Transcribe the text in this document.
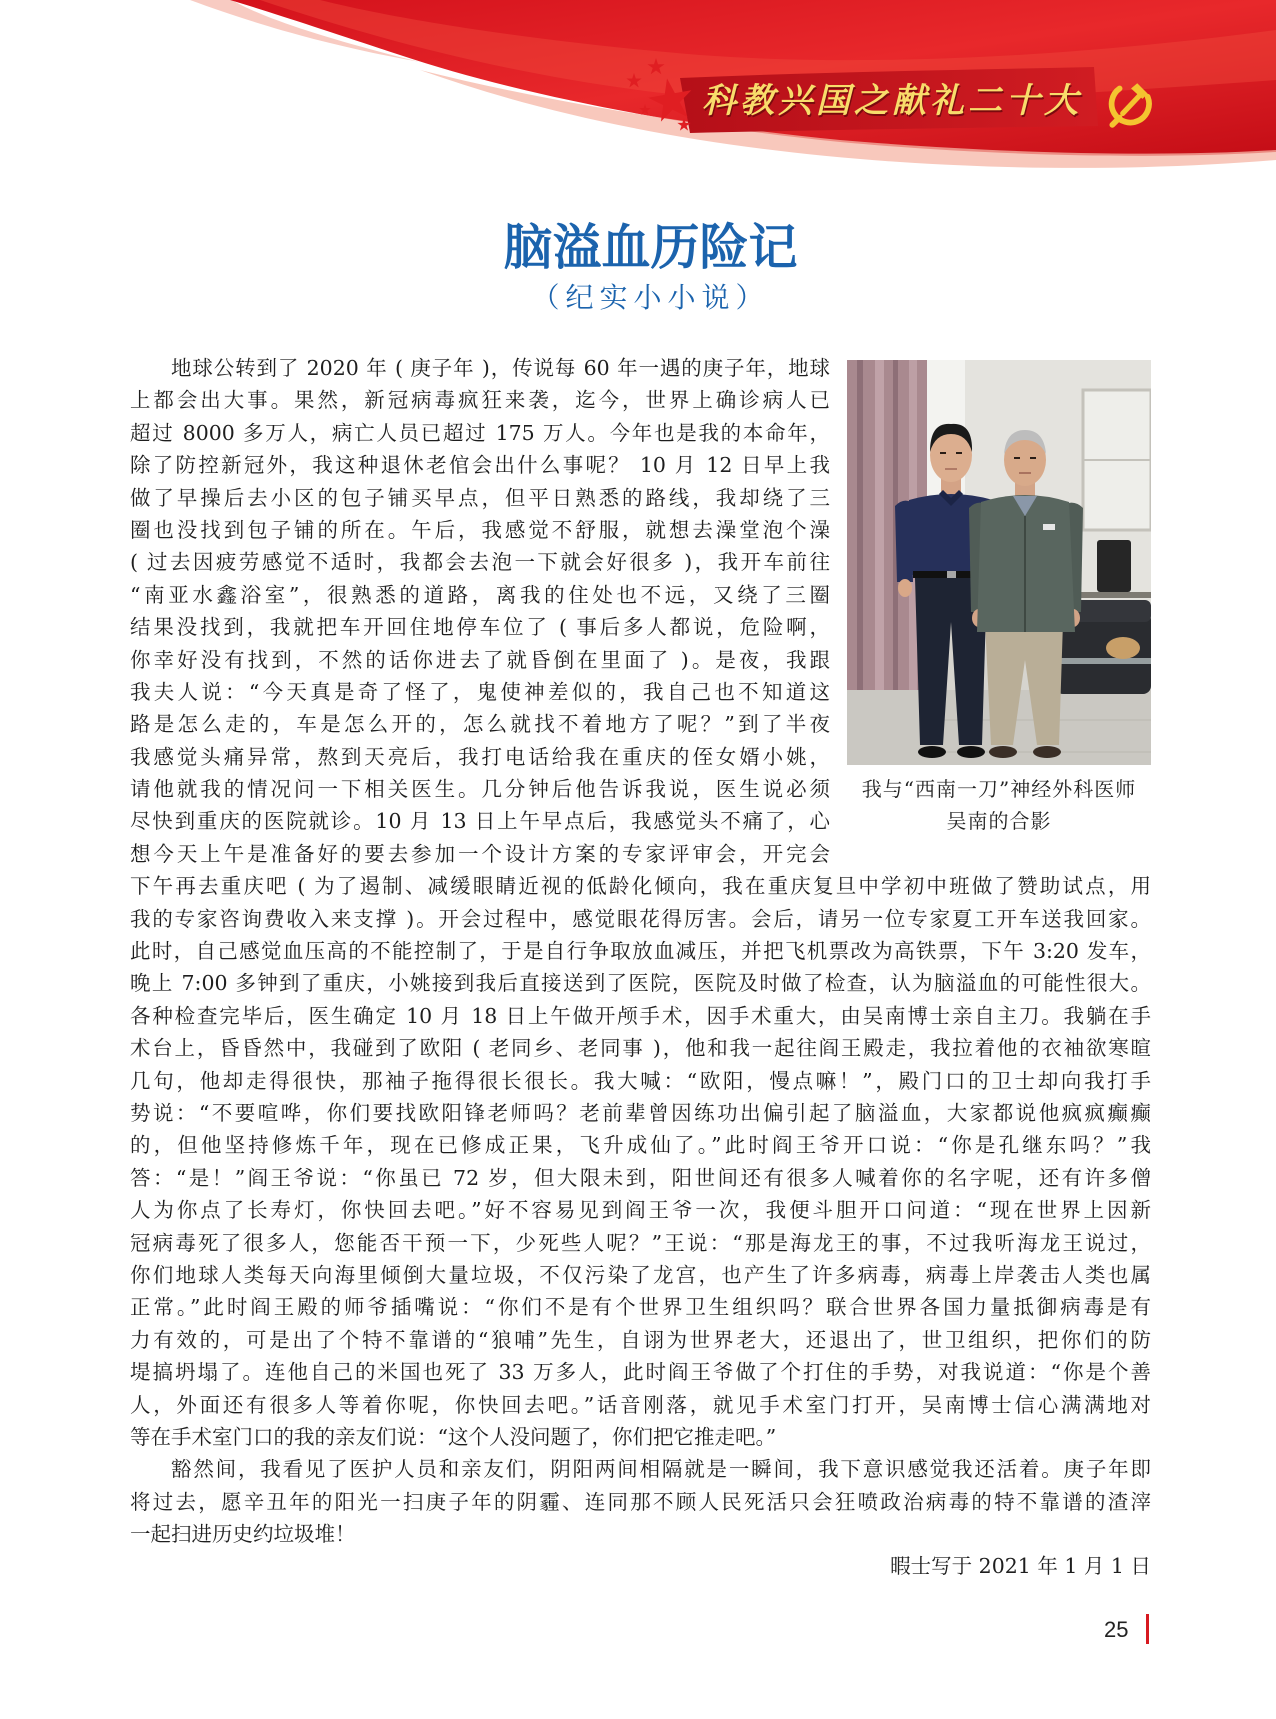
科教兴国之献礼二十大
脑溢血历险记
（纪实小小说）
地球公转到了 2020 年 ( 庚子年 )，传说每 60 年一遇的庚子年，地球
上都会出大事。果然，新冠病毒疯狂来袭，迄今，世界上确诊病人已
超过 8000 多万人，病亡人员已超过 175 万人。今年也是我的本命年，
除了防控新冠外，我这种退休老倌会出什么事呢？ 10 月 12 日早上我
做了早操后去小区的包子铺买早点，但平日熟悉的路线，我却绕了三
圈也没找到包子铺的所在。午后，我感觉不舒服，就想去澡堂泡个澡
( 过去因疲劳感觉不适时，我都会去泡一下就会好很多 )，我开车前往
“南亚水鑫浴室”，很熟悉的道路，离我的住处也不远，又绕了三圈
结果没找到，我就把车开回住地停车位了 ( 事后多人都说，危险啊，
你幸好没有找到，不然的话你进去了就昏倒在里面了 )。是夜，我跟
我夫人说：“今天真是奇了怪了，鬼使神差似的，我自己也不知道这
路是怎么走的，车是怎么开的，怎么就找不着地方了呢？”到了半夜
我感觉头痛异常，熬到天亮后，我打电话给我在重庆的侄女婿小姚，
请他就我的情况问一下相关医生。几分钟后他告诉我说，医生说必须
尽快到重庆的医院就诊。10 月 13 日上午早点后，我感觉头不痛了，心
想今天上午是准备好的要去参加一个设计方案的专家评审会，开完会
下午再去重庆吧 ( 为了遏制、减缓眼睛近视的低龄化倾向，我在重庆复旦中学初中班做了赞助试点，用
我的专家咨询费收入来支撑 )。开会过程中，感觉眼花得厉害。会后，请另一位专家夏工开车送我回家。
此时，自己感觉血压高的不能控制了，于是自行争取放血减压，并把飞机票改为高铁票，下午 3:20 发车，
晚上 7:00 多钟到了重庆，小姚接到我后直接送到了医院，医院及时做了检查，认为脑溢血的可能性很大。
各种检查完毕后，医生确定 10 月 18 日上午做开颅手术，因手术重大，由吴南博士亲自主刀。我躺在手
术台上，昏昏然中，我碰到了欧阳 ( 老同乡、老同事 )，他和我一起往阎王殿走，我拉着他的衣袖欲寒暄
几句，他却走得很快，那袖子拖得很长很长。我大喊：“欧阳，慢点嘛！”，殿门口的卫士却向我打手
势说：“不要喧哗，你们要找欧阳锋老师吗？老前辈曾因练功出偏引起了脑溢血，大家都说他疯疯癫癫
的，但他坚持修炼千年，现在已修成正果，飞升成仙了。”此时阎王爷开口说：“你是孔继东吗？”我
答：“是！”阎王爷说：“你虽已 72 岁，但大限未到，阳世间还有很多人喊着你的名字呢，还有许多僧
人为你点了长寿灯，你快回去吧。”好不容易见到阎王爷一次，我便斗胆开口问道：“现在世界上因新
冠病毒死了很多人，您能否干预一下，少死些人呢？”王说：“那是海龙王的事，不过我听海龙王说过，
你们地球人类每天向海里倾倒大量垃圾，不仅污染了龙宫，也产生了许多病毒，病毒上岸袭击人类也属
正常。”此时阎王殿的师爷插嘴说：“你们不是有个世界卫生组织吗？联合世界各国力量抵御病毒是有
力有效的，可是出了个特不靠谱的“狼哺”先生，自诩为世界老大，还退出了，世卫组织，把你们的防
堤搞坍塌了。连他自己的米国也死了 33 万多人，此时阎王爷做了个打住的手势，对我说道：“你是个善
人，外面还有很多人等着你呢，你快回去吧。”话音刚落，就见手术室门打开，吴南博士信心满满地对
等在手术室门口的我的亲友们说：“这个人没问题了，你们把它推走吧。”
豁然间，我看见了医护人员和亲友们，阴阳两间相隔就是一瞬间，我下意识感觉我还活着。庚子年即
将过去，愿辛丑年的阳光一扫庚子年的阴霾、连同那不顾人民死活只会狂喷政治病毒的特不靠谱的渣滓
一起扫进历史约垃圾堆！
暇士写于 2021 年 1 月 1 日
我与“西南一刀”神经外科医师
吴南的合影
25
